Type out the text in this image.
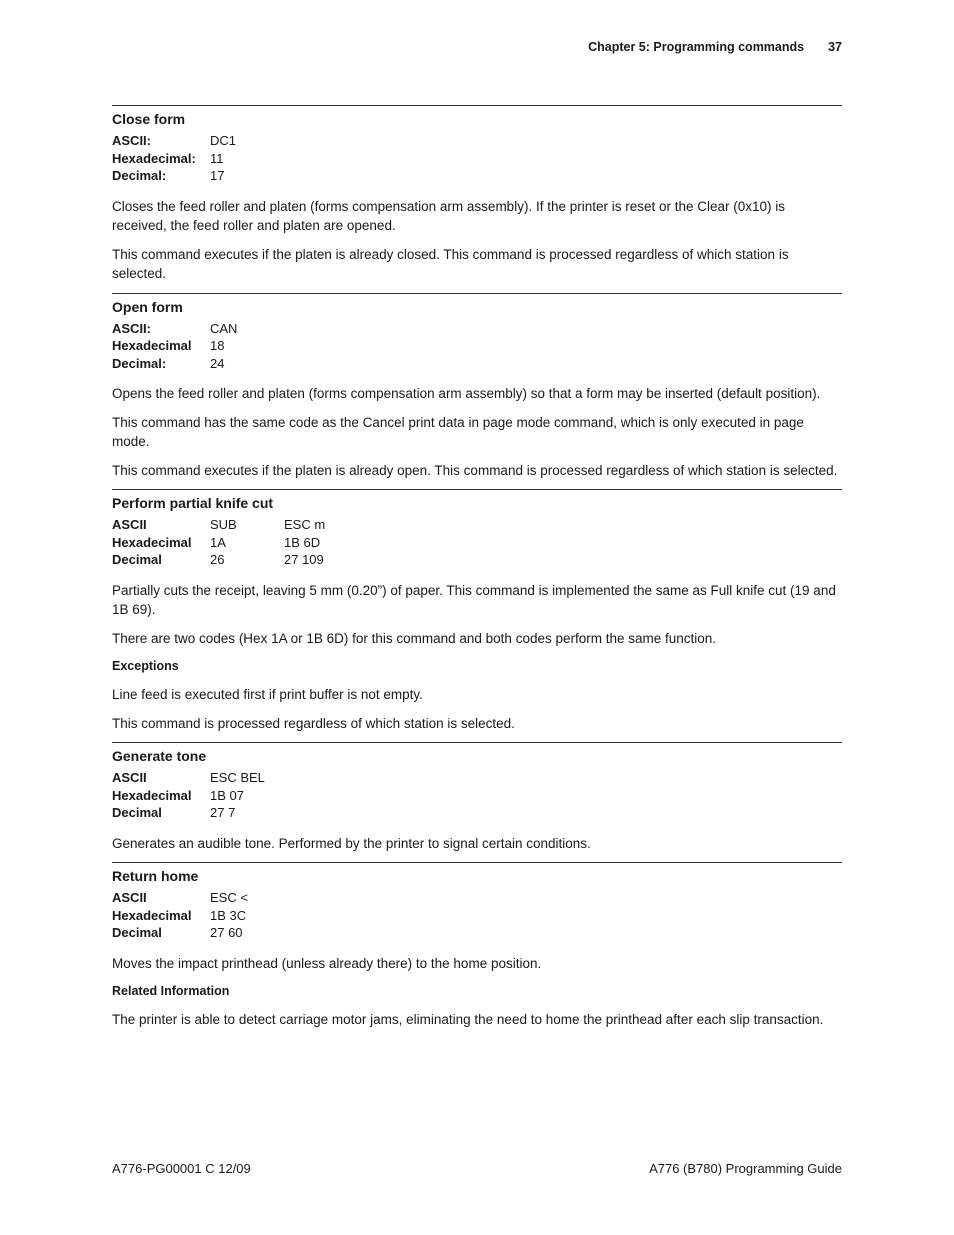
Chapter 5: Programming commands 37
Close form
ASCII:	DC1
Hexadecimal:	11
Decimal:	17

Closes the feed roller and platen (forms compensation arm assembly). If the printer is reset or the Clear (0x10) is received, the feed roller and platen are opened.

This command executes if the platen is already closed. This command is processed regardless of which station is selected.

Open form
ASCII:	CAN
Hexadecimal	18
Decimal:	24

Opens the feed roller and platen (forms compensation arm assembly) so that a form may be inserted (default position).

This command has the same code as the Cancel print data in page mode command, which is only executed in page mode.

This command executes if the platen is already open. This command is processed regardless of which station is selected.

Perform partial knife cut
ASCII	SUB	ESC m
Hexadecimal	1A	1B 6D
Decimal	26	27 109

Partially cuts the receipt, leaving 5 mm (0.20”) of paper. This command is implemented the same as Full knife cut (19 and 1B 69).

There are two codes (Hex 1A or 1B 6D) for this command and both codes perform the same function.

Exceptions

Line feed is executed first if print buffer is not empty.

This command is processed regardless of which station is selected.

Generate tone
ASCII	ESC BEL
Hexadecimal	1B 07
Decimal	27 7

Generates an audible tone. Performed by the printer to signal certain conditions.

Return home
ASCII	ESC <
Hexadecimal	1B 3C
Decimal	27 60

Moves the impact printhead (unless already there) to the home position.

Related Information

The printer is able to detect carriage motor jams, eliminating the need to home the printhead after each slip transaction.

A776-PG00001 C 12/09	A776 (B780) Programming Guide
